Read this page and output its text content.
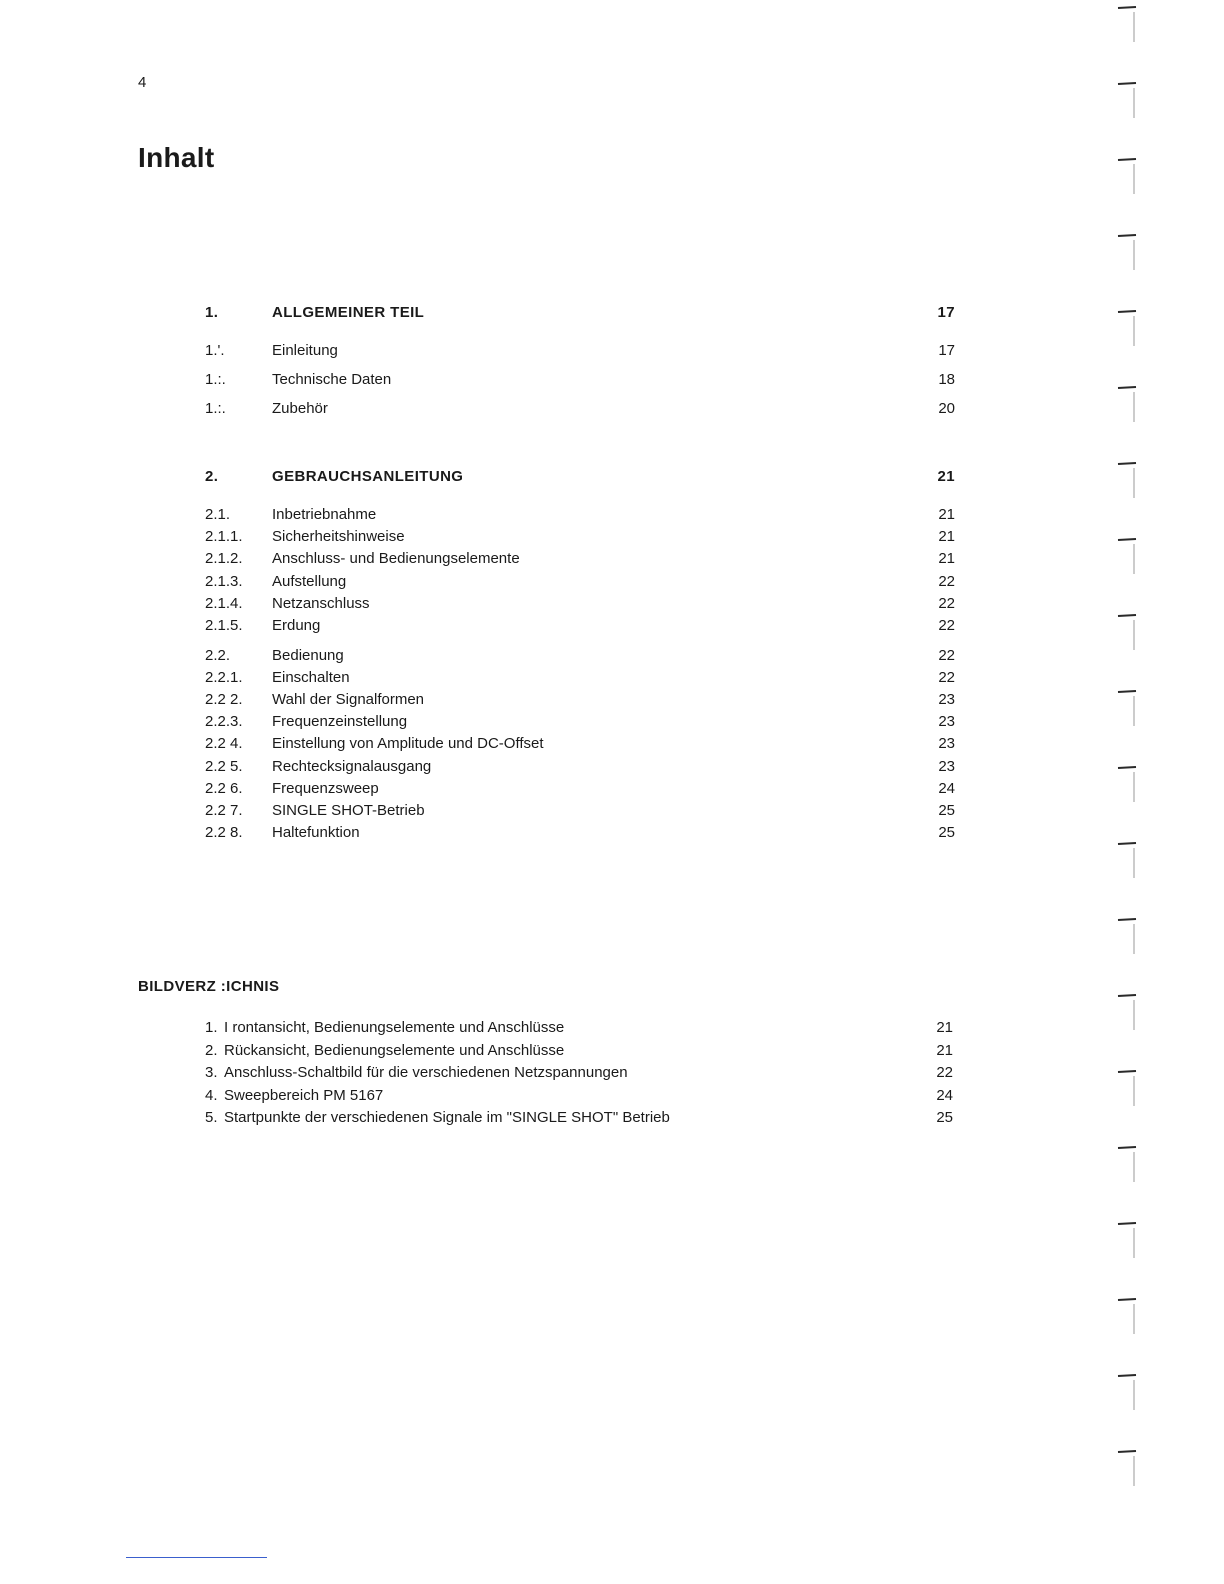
4
Inhalt
1.	ALLGEMEINER TEIL	17
1.'.	Einleitung	17
1.:.	Technische Daten	18
1.:.	Zubehör	20
2.	GEBRAUCHSANLEITUNG	21
2.1.	Inbetriebnahme	21
2.1.1. Sicherheitshinweise	21
2.1.2. Anschluss- und Bedienungselemente	21
2.1.3. Aufstellung	22
2.1.4. Netzanschluss	22
2.1.5. Erdung	22
2.2.	Bedienung	22
2.2.1. Einschalten	22
2.2 2. Wahl der Signalformen	23
2.2.3. Frequenzeinstellung	23
2.2 4. Einstellung von Amplitude und DC-Offset	23
2.2 5. Rechtecksignalausgang	23
2.2 6. Frequenzsweep	24
2.2 7. SINGLE SHOT-Betrieb	25
2.2 8. Haltefunktion	25
BILDVERZ :ICHNIS
1. I rontansicht, Bedienungselemente und Anschlüsse	21
2. Rückansicht, Bedienungselemente und Anschlüsse	21
3. Anschluss-Schaltbild für die verschiedenen Netzspannungen	22
4. Sweepbereich PM 5167	24
5. Startpunkte der verschiedenen Signale im "SINGLE SHOT" Betrieb	25
